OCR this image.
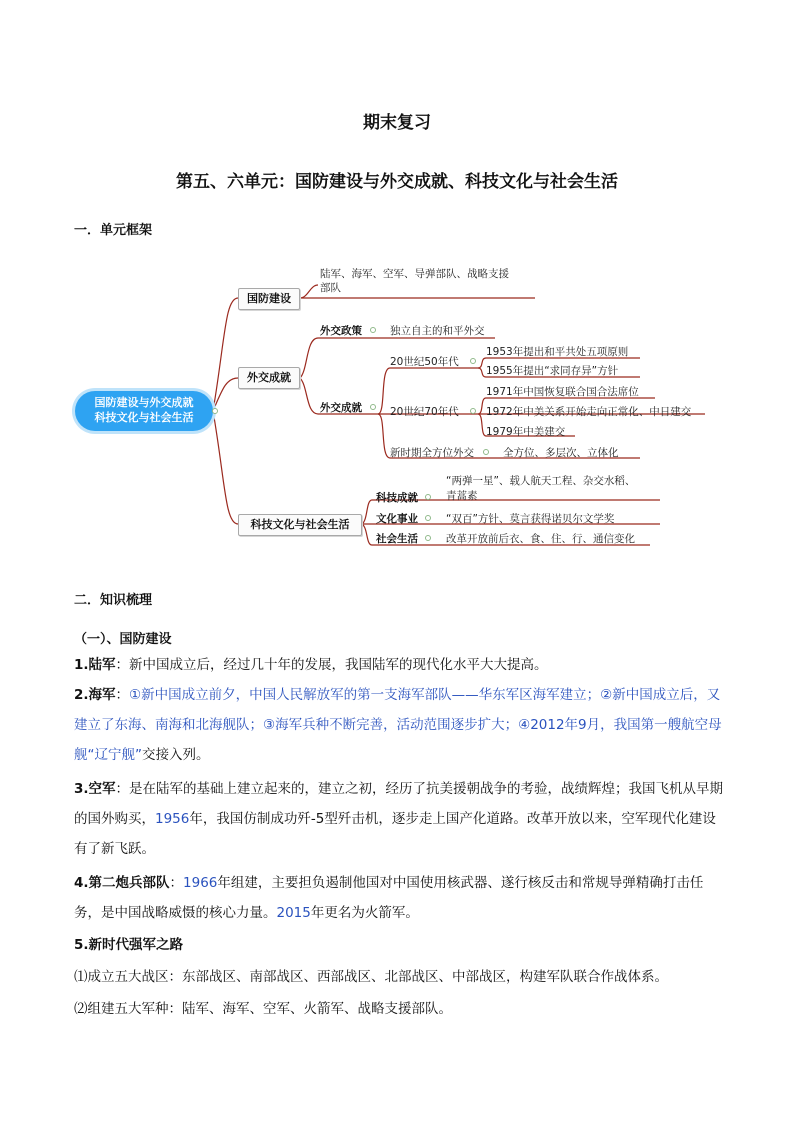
期末复习
第五、六单元：国防建设与外交成就、科技文化与社会生活
一．单元框架
国防建设与外交成就
科技文化与社会生活
国防建设
陆军、海军、空军、导弹部队、战略支援
部队
外交成就
外交政策	独立自主的和平外交
外交成就
20世纪50年代
1953年提出和平共处五项原则
1955年提出“求同存异”方针
20世纪70年代
1971年中国恢复联合国合法席位
1972年中美关系开始走向正常化、中日建交
1979年中美建交
新时期全方位外交	全方位、多层次、立体化
科技文化与社会生活
科技成就
“两弹一星”、载人航天工程、杂交水稻、
青蒿素
文化事业	“双百”方针、莫言获得诺贝尔文学奖
社会生活	改革开放前后衣、食、住、行、通信变化
二．知识梳理
（一）、国防建设
1.陆军：新中国成立后，经过几十年的发展，我国陆军的现代化水平大大提高。
2.海军：①新中国成立前夕，中国人民解放军的第一支海军部队——华东军区海军建立；②新中国成立后，又建立了东海、南海和北海舰队；③海军兵种不断完善，活动范围逐步扩大；④2012年9月，我国第一艘航空母舰“辽宁舰”交接入列。
3.空军：是在陆军的基础上建立起来的，建立之初，经历了抗美援朝战争的考验，战绩辉煌；我国飞机从早期的国外购买，1956年，我国仿制成功歼-5型歼击机，逐步走上国产化道路。改革开放以来，空军现代化建设有了新飞跃。
4.第二炮兵部队：1966年组建，主要担负遏制他国对中国使用核武器、遂行核反击和常规导弹精确打击任务，是中国战略威慑的核心力量。2015年更名为火箭军。
5.新时代强军之路
⑴成立五大战区：东部战区、南部战区、西部战区、北部战区、中部战区，构建军队联合作战体系。
⑵组建五大军种：陆军、海军、空军、火箭军、战略支援部队。
